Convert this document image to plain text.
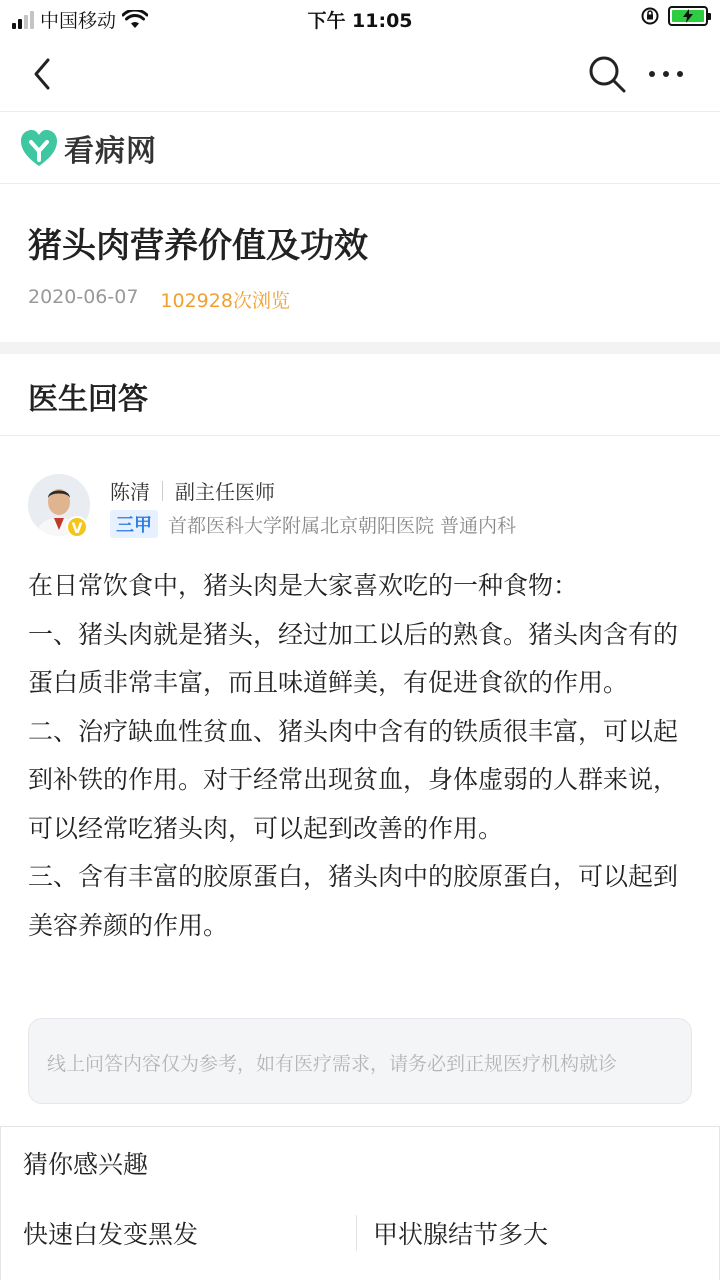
中国移动	下午 11:05
看病网
猪头肉营养价值及功效
2020-06-07 102928次浏览
医生回答
V
陈清 副主任医师
三甲 首都医科大学附属北京朝阳医院 普通内科

在日常饮食中，猪头肉是大家喜欢吃的一种食物：

一、猪头肉就是猪头，经过加工以后的熟食。猪头肉含有的蛋白质非常丰富，而且味道鲜美，有促进食欲的作用。

二、治疗缺血性贫血、猪头肉中含有的铁质很丰富，可以起到补铁的作用。对于经常出现贫血，身体虚弱的人群来说，可以经常吃猪头肉，可以起到改善的作用。

三、含有丰富的胶原蛋白，猪头肉中的胶原蛋白，可以起到美容养颜的作用。

线上问答内容仅为参考，如有医疗需求，请务必到正规医疗机构就诊
猜你感兴趣
快速白发变黑发	甲状腺结节多大
